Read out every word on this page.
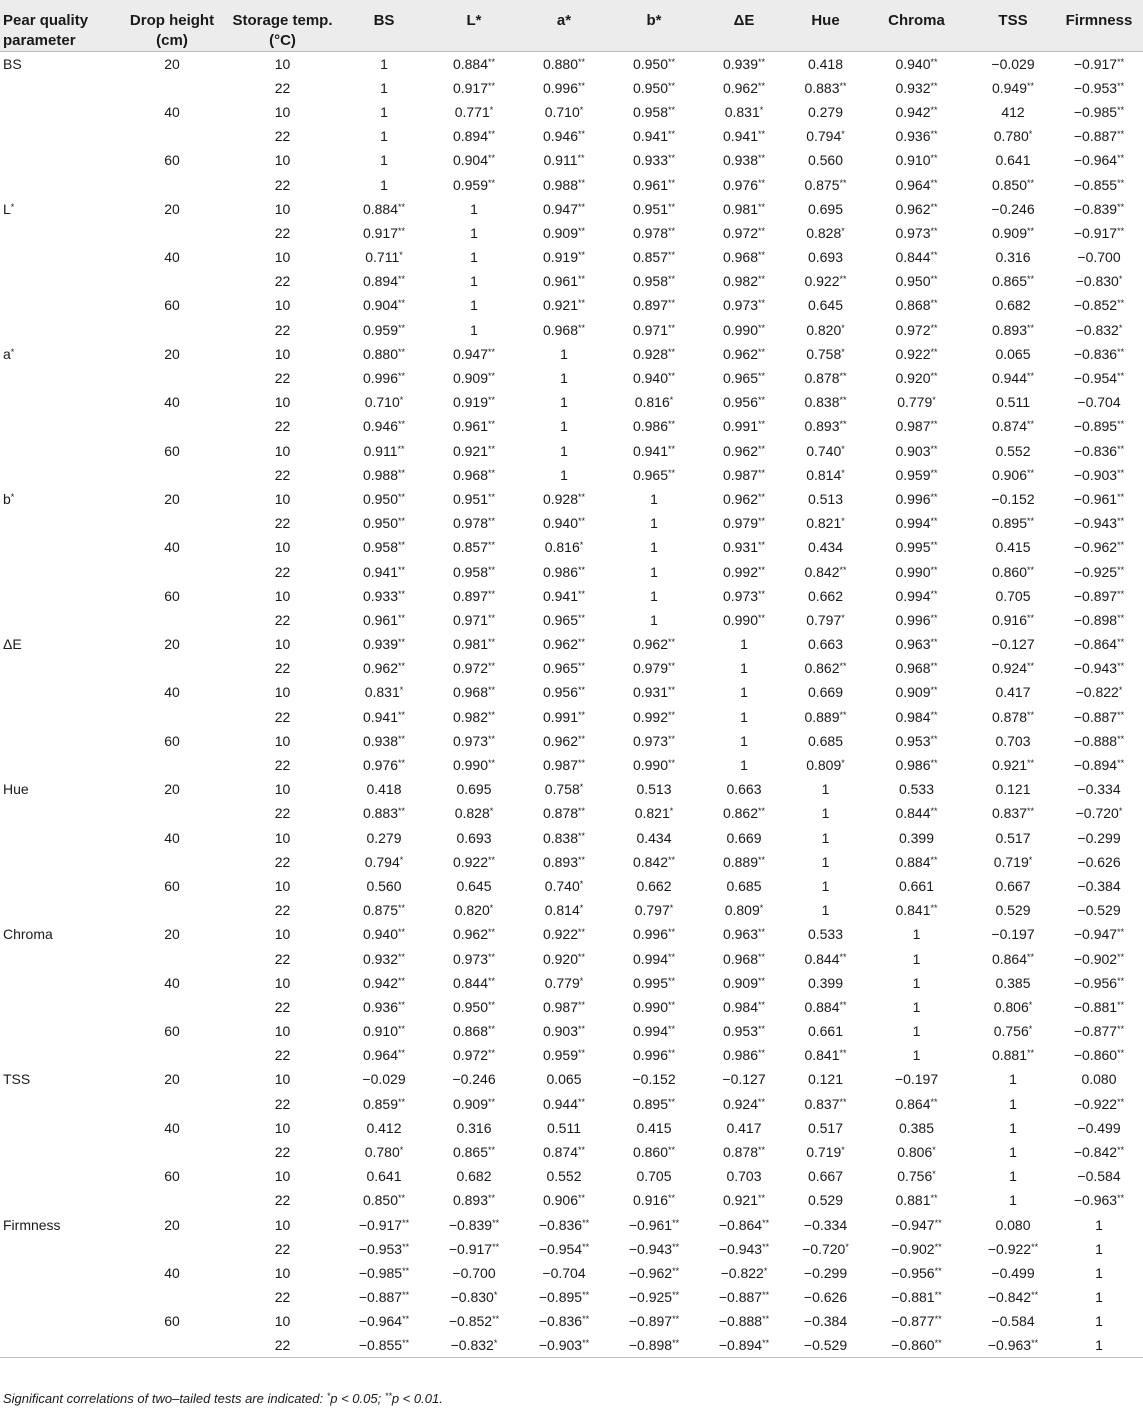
Pear quality parameter	Drop height (cm)	Storage temp. (°C)	BS	L*	a*	b*	ΔE	Hue	Chroma	TSS	Firmness
BS	20	10	1	0.884**	0.880**	0.950**	0.939**	0.418	0.940**	−0.029	−0.917**
		22	1	0.917**	0.996**	0.950**	0.962**	0.883**	0.932**	0.949**	−0.953**
	40	10	1	0.771*	0.710*	0.958**	0.831*	0.279	0.942**	412	−0.985**
		22	1	0.894**	0.946**	0.941**	0.941**	0.794*	0.936**	0.780*	−0.887**
	60	10	1	0.904**	0.911**	0.933**	0.938**	0.560	0.910**	0.641	−0.964**
		22	1	0.959**	0.988**	0.961**	0.976**	0.875**	0.964**	0.850**	−0.855**
L*	20	10	0.884**	1	0.947**	0.951**	0.981**	0.695	0.962**	−0.246	−0.839**
		22	0.917**	1	0.909**	0.978**	0.972**	0.828*	0.973**	0.909**	−0.917**
	40	10	0.711*	1	0.919**	0.857**	0.968**	0.693	0.844**	0.316	−0.700
		22	0.894**	1	0.961**	0.958**	0.982**	0.922**	0.950**	0.865**	−0.830*
	60	10	0.904**	1	0.921**	0.897**	0.973**	0.645	0.868**	0.682	−0.852**
		22	0.959**	1	0.968**	0.971**	0.990**	0.820*	0.972**	0.893**	−0.832*
a*	20	10	0.880**	0.947**	1	0.928**	0.962**	0.758*	0.922**	0.065	−0.836**
		22	0.996**	0.909**	1	0.940**	0.965**	0.878**	0.920**	0.944**	−0.954**
	40	10	0.710*	0.919**	1	0.816*	0.956**	0.838**	0.779*	0.511	−0.704
		22	0.946**	0.961**	1	0.986**	0.991**	0.893**	0.987**	0.874**	−0.895**
	60	10	0.911**	0.921**	1	0.941**	0.962**	0.740*	0.903**	0.552	−0.836**
		22	0.988**	0.968**	1	0.965**	0.987**	0.814*	0.959**	0.906**	−0.903**
b*	20	10	0.950**	0.951**	0.928**	1	0.962**	0.513	0.996**	−0.152	−0.961**
		22	0.950**	0.978**	0.940**	1	0.979**	0.821*	0.994**	0.895**	−0.943**
	40	10	0.958**	0.857**	0.816*	1	0.931**	0.434	0.995**	0.415	−0.962**
		22	0.941**	0.958**	0.986**	1	0.992**	0.842**	0.990**	0.860**	−0.925**
	60	10	0.933**	0.897**	0.941**	1	0.973**	0.662	0.994**	0.705	−0.897**
		22	0.961**	0.971**	0.965**	1	0.990**	0.797*	0.996**	0.916**	−0.898**
ΔE	20	10	0.939**	0.981**	0.962**	0.962**	1	0.663	0.963**	−0.127	−0.864**
		22	0.962**	0.972**	0.965**	0.979**	1	0.862**	0.968**	0.924**	−0.943**
	40	10	0.831*	0.968**	0.956**	0.931**	1	0.669	0.909**	0.417	−0.822*
		22	0.941**	0.982**	0.991**	0.992**	1	0.889**	0.984**	0.878**	−0.887**
	60	10	0.938**	0.973**	0.962**	0.973**	1	0.685	0.953**	0.703	−0.888**
		22	0.976**	0.990**	0.987**	0.990**	1	0.809*	0.986**	0.921**	−0.894**
Hue	20	10	0.418	0.695	0.758*	0.513	0.663	1	0.533	0.121	−0.334
		22	0.883**	0.828*	0.878**	0.821*	0.862**	1	0.844**	0.837**	−0.720*
	40	10	0.279	0.693	0.838**	0.434	0.669	1	0.399	0.517	−0.299
		22	0.794*	0.922**	0.893**	0.842**	0.889**	1	0.884**	0.719*	−0.626
	60	10	0.560	0.645	0.740*	0.662	0.685	1	0.661	0.667	−0.384
		22	0.875**	0.820*	0.814*	0.797*	0.809*	1	0.841**	0.529	−0.529
Chroma	20	10	0.940**	0.962**	0.922**	0.996**	0.963**	0.533	1	−0.197	−0.947**
		22	0.932**	0.973**	0.920**	0.994**	0.968**	0.844**	1	0.864**	−0.902**
	40	10	0.942**	0.844**	0.779*	0.995**	0.909**	0.399	1	0.385	−0.956**
		22	0.936**	0.950**	0.987**	0.990**	0.984**	0.884**	1	0.806*	−0.881**
	60	10	0.910**	0.868**	0.903**	0.994**	0.953**	0.661	1	0.756*	−0.877**
		22	0.964**	0.972**	0.959**	0.996**	0.986**	0.841**	1	0.881**	−0.860**
TSS	20	10	−0.029	−0.246	0.065	−0.152	−0.127	0.121	−0.197	1	0.080
		22	0.859**	0.909**	0.944**	0.895**	0.924**	0.837**	0.864**	1	−0.922**
	40	10	0.412	0.316	0.511	0.415	0.417	0.517	0.385	1	−0.499
		22	0.780*	0.865**	0.874**	0.860**	0.878**	0.719*	0.806*	1	−0.842**
	60	10	0.641	0.682	0.552	0.705	0.703	0.667	0.756*	1	−0.584
		22	0.850**	0.893**	0.906**	0.916**	0.921**	0.529	0.881**	1	−0.963**
Firmness	20	10	−0.917**	−0.839**	−0.836**	−0.961**	−0.864**	−0.334	−0.947**	0.080	1
		22	−0.953**	−0.917**	−0.954**	−0.943**	−0.943**	−0.720*	−0.902**	−0.922**	1
	40	10	−0.985**	−0.700	−0.704	−0.962**	−0.822*	−0.299	−0.956**	−0.499	1
		22	−0.887**	−0.830*	−0.895**	−0.925**	−0.887**	−0.626	−0.881**	−0.842**	1
	60	10	−0.964**	−0.852**	−0.836**	−0.897**	−0.888**	−0.384	−0.877**	−0.584	1
		22	−0.855**	−0.832*	−0.903**	−0.898**	−0.894**	−0.529	−0.860**	−0.963**	1
Significant correlations of two–tailed tests are indicated: *p < 0.05; **p < 0.01.
